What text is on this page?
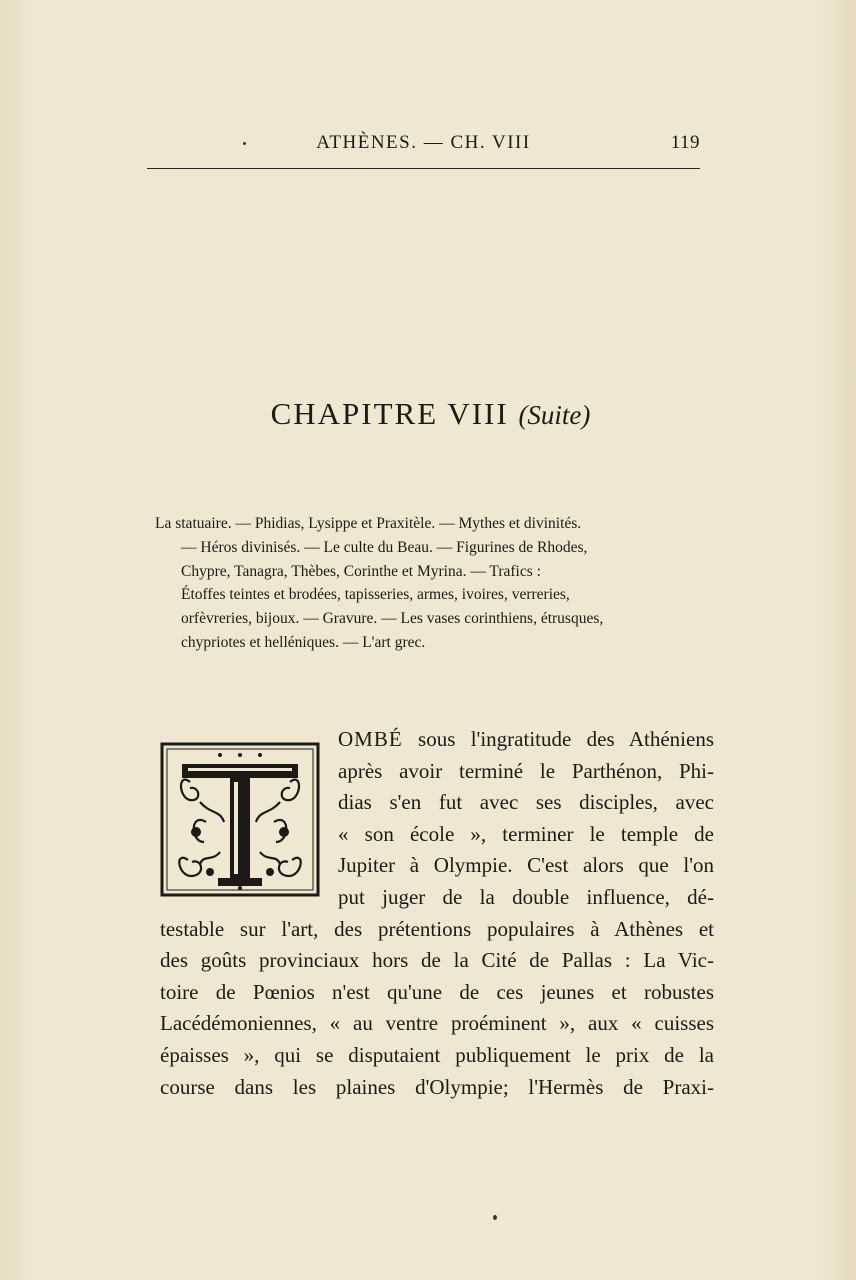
ATHÈNES. — CH. VIII	119
CHAPITRE VIII (Suite)

La statuaire. — Phidias, Lysippe et Praxitèle. — Mythes et divinités.

— Héros divinisés. — Le culte du Beau. — Figurines de Rhodes,

Chypre, Tanagra, Thèbes, Corinthe et Myrina. — Trafics :

Étoffes teintes et brodées, tapisseries, armes, ivoires, verreries,

orfèvreries, bijoux. — Gravure. — Les vases corinthiens, étrusques,

chypriotes et helléniques. — L'art grec.

OMBÉ sous l'ingratitude des Athéniens
après avoir terminé le Parthénon, Phi-
dias s'en fut avec ses disciples, avec
« son école », terminer le temple de
Jupiter à Olympie. C'est alors que l'on
put juger de la double influence, dé-
testable sur l'art, des prétentions populaires à Athènes et
des goûts provinciaux hors de la Cité de Pallas : La Vic-
toire de Pœnios n'est qu'une de ces jeunes et robustes
Lacédémoniennes, « au ventre proéminent », aux « cuisses
épaisses », qui se disputaient publiquement le prix de la
course dans les plaines d'Olympie; l'Hermès de Praxi-
